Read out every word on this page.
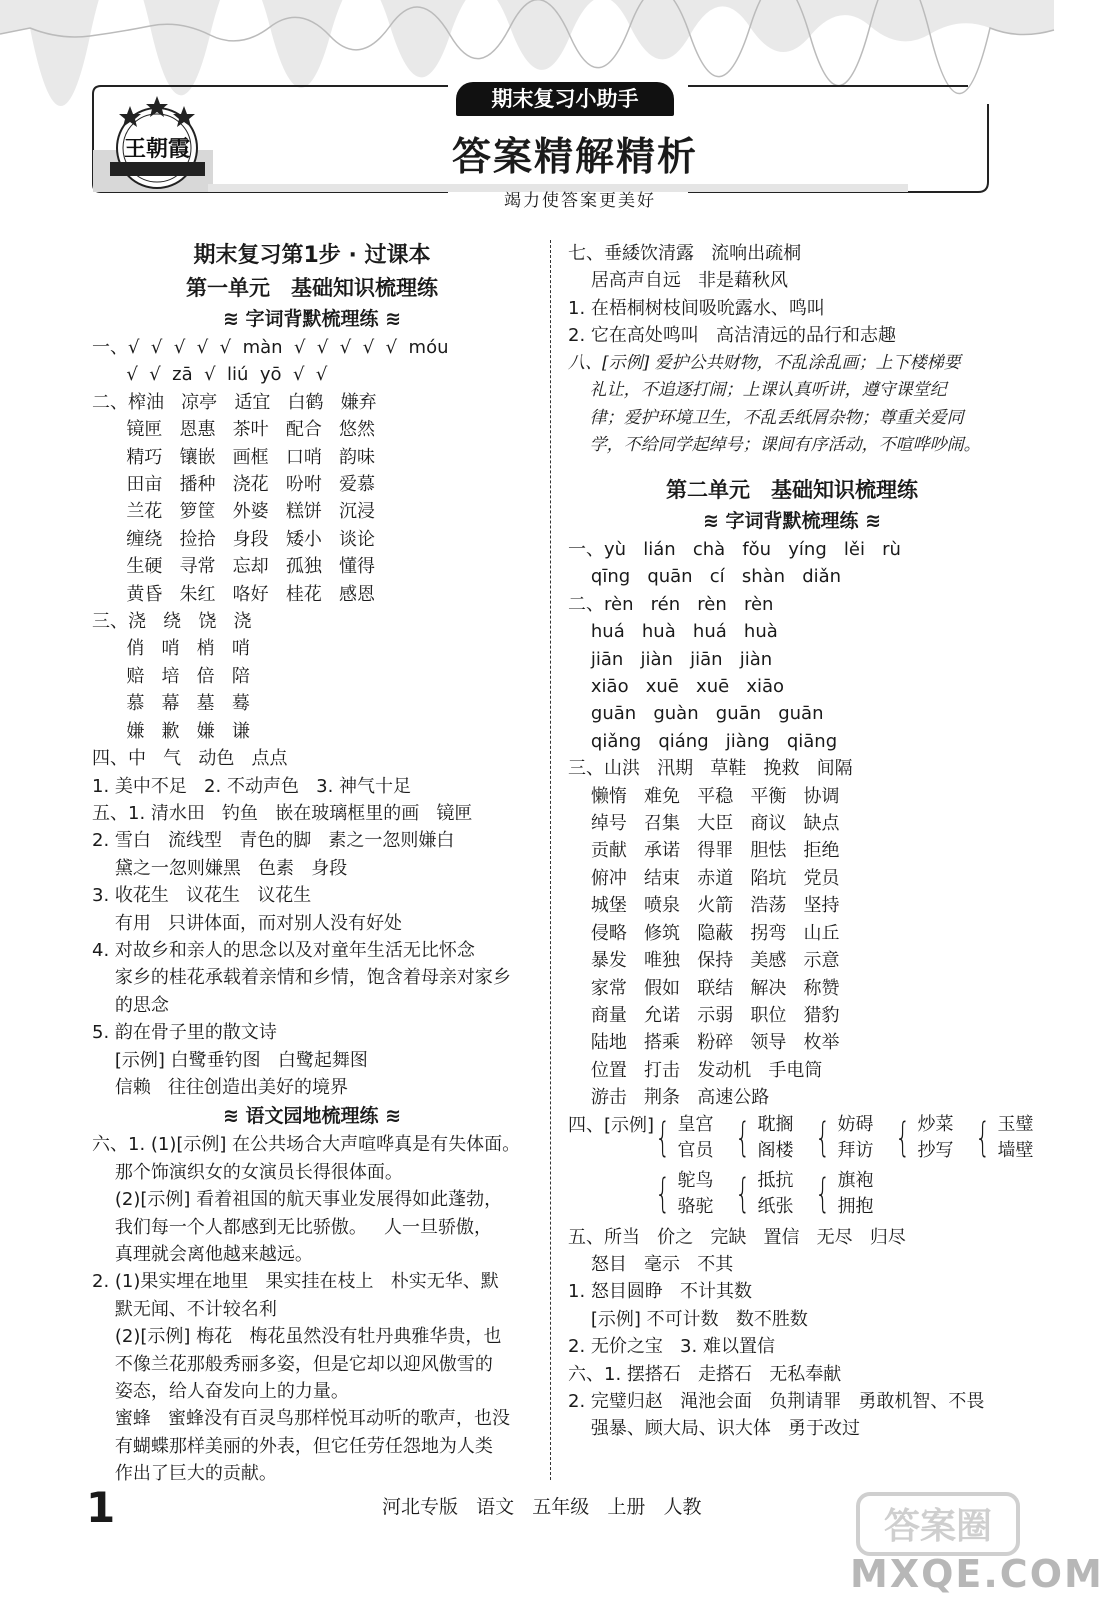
王朝霞
期末复习小助手
答案精解精析
竭力使答案更美好
期末复习第1步 · 过课本
第一单元　基础知识梳理练
≋ 字词背默梳理练 ≋
一、√  √  √  √  √  màn  √  √  √  √  √  móu
√  √  zā  √  liú  yō  √  √
二、榨油   凉亭   适宜   白鹤   嫌弃
镜匣   恩惠   茶叶   配合   悠然
精巧   镶嵌   画框   口哨   韵味
田亩   播种   浇花   吩咐   爱慕
兰花   箩筐   外婆   糕饼   沉浸
缠绕   捡拾   身段   矮小   谈论
生硬   寻常   忘却   孤独   懂得
黄昏   朱红   咯好   桂花   感恩
三、浇   绕   饶   浇
俏   哨   梢   哨
赔   培   倍   陪
慕   幕   墓   蓦
嫌   歉   嫌   谦
四、中   气   动色   点点
1. 美中不足   2. 不动声色   3. 神气十足
五、1. 清水田   钓鱼   嵌在玻璃框里的画   镜匣
2. 雪白   流线型   青色的脚   素之一忽则嫌白
黛之一忽则嫌黑   色素   身段
3. 收花生   议花生   议花生
有用   只讲体面，而对别人没有好处
4. 对故乡和亲人的思念以及对童年生活无比怀念
家乡的桂花承载着亲情和乡情，饱含着母亲对家乡
的思念
5. 韵在骨子里的散文诗
[示例] 白鹭垂钓图   白鹭起舞图
信赖   往往创造出美好的境界
≋ 语文园地梳理练 ≋
六、1. (1)[示例] 在公共场合大声喧哗真是有失体面。
那个饰演织女的女演员长得很体面。
(2)[示例] 看着祖国的航天事业发展得如此蓬勃，
我们每一个人都感到无比骄傲。   人一旦骄傲，
真理就会离他越来越远。
2. (1)果实埋在地里   果实挂在枝上   朴实无华、默
默无闻、不计较名利
(2)[示例] 梅花   梅花虽然没有牡丹典雅华贵，也
不像兰花那般秀丽多姿，但是它却以迎风傲雪的
姿态，给人奋发向上的力量。
蜜蜂   蜜蜂没有百灵鸟那样悦耳动听的歌声，也没
有蝴蝶那样美丽的外表，但它任劳任怨地为人类
作出了巨大的贡献。
七、垂緌饮清露   流响出疏桐
居高声自远   非是藉秋风
1. 在梧桐树枝间吸吮露水、鸣叫
2. 它在高处鸣叫   高洁清远的品行和志趣
八、[示例] 爱护公共财物，不乱涂乱画；上下楼梯要
礼让，不追逐打闹；上课认真听讲，遵守课堂纪
律；爱护环境卫生，不乱丢纸屑杂物；尊重关爱同
学，不给同学起绰号；课间有序活动，不喧哗吵闹。
第二单元　基础知识梳理练
≋ 字词背默梳理练 ≋
一、yù   lián   chà   fǒu   yíng   lěi   rù
qīng   quān   cí   shàn   diǎn
二、rèn   rén   rèn   rèn
huá   huà   huá   huà
jiān   jiàn   jiān   jiàn
xiāo   xuē   xuē   xiāo
guān   guàn   guān   guān
qiǎng   qiáng   jiàng   qiāng
三、山洪   汛期   草鞋   挽救   间隔
懒惰   难免   平稳   平衡   协调
绰号   召集   大臣   商议   缺点
贡献   承诺   得罪   胆怯   拒绝
俯冲   结束   赤道   陷坑   党员
城堡   喷泉   火箭   浩荡   坚持
侵略   修筑   隐蔽   拐弯   山丘
暴发   唯独   保持   美感   示意
家常   假如   联结   解决   称赞
商量   允诺   示弱   职位   猎豹
陆地   搭乘   粉碎   领导   枚举
位置   打击   发动机   手电筒
游击   荆条   高速公路
四、[示例] { 皇宫
官员 { 耽搁
阁楼 { 妨碍
拜访 { 炒菜
抄写 { 玉璧
墙壁
{ 鸵鸟
骆驼 { 抵抗
纸张 { 旗袍
拥抱
五、所当   价之   完缺   置信   无尽   归尽
怒目   毫示   不其
1. 怒目圆睁   不计其数
[示例] 不可计数   数不胜数
2. 无价之宝   3. 难以置信
六、1. 摆搭石   走搭石   无私奉献
2. 完璧归赵   渑池会面   负荆请罪   勇敢机智、不畏
强暴、顾大局、识大体   勇于改过
1	河北专版   语文   五年级   上册   人教	答案圈
MXQE.COM
